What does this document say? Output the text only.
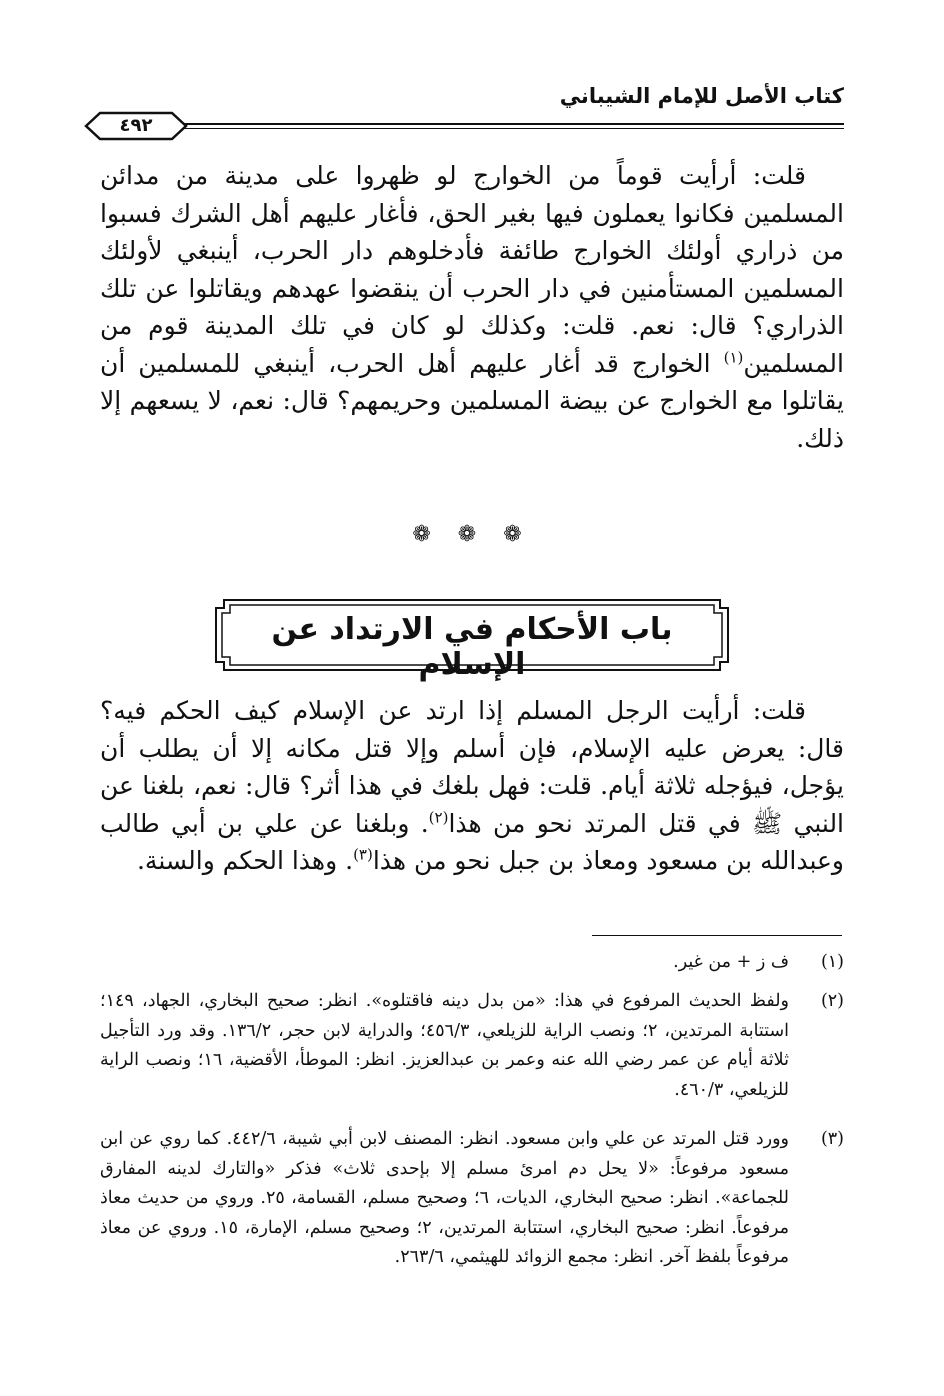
كتاب الأصل للإمام الشيباني
٤٩٢
قلت: أرأيت قوماً من الخوارج لو ظهروا على مدينة من مدائن المسلمين فكانوا يعملون فيها بغير الحق، فأغار عليهم أهل الشرك فسبوا من ذراري أولئك الخوارج طائفة فأدخلوهم دار الحرب، أينبغي لأولئك المسلمين المستأمنين في دار الحرب أن ينقضوا عهدهم ويقاتلوا عن تلك الذراري؟ قال: نعم. قلت: وكذلك لو كان في تلك المدينة قوم من المسلمين$^{(١)}$ الخوارج قد أغار عليهم أهل الحرب، أينبغي للمسلمين أن يقاتلوا مع الخوارج عن بيضة المسلمين وحريمهم؟ قال: نعم، لا يسعهم إلا ذلك.
❁ ❁ ❁
باب الأحكام في الارتداد عن الإسلام
قلت: أرأيت الرجل المسلم إذا ارتد عن الإسلام كيف الحكم فيه؟ قال: يعرض عليه الإسلام، فإن أسلم وإلا قتل مكانه إلا أن يطلب أن يؤجل، فيؤجله ثلاثة أيام. قلت: فهل بلغك في هذا أثر؟ قال: نعم، بلغنا عن النبي ﷺ في قتل المرتد نحو من هذا$^{(٢)}$. وبلغنا عن علي بن أبي طالب وعبدالله بن مسعود ومعاذ بن جبل نحو من هذا$^{(٣)}$. وهذا الحكم والسنة.
(١)
ف ز + من غير.
(٢)
ولفظ الحديث المرفوع في هذا: «من بدل دينه فاقتلوه». انظر: صحيح البخاري، الجهاد، ١٤٩؛ استتابة المرتدين، ٢؛ ونصب الراية للزيلعي، ٤٥٦/٣؛ والدراية لابن حجر، ١٣٦/٢. وقد ورد التأجيل ثلاثة أيام عن عمر رضي الله عنه وعمر بن عبدالعزيز. انظر: الموطأ، الأقضية، ١٦؛ ونصب الراية للزيلعي، ٤٦٠/٣.
(٣)
وورد قتل المرتد عن علي وابن مسعود. انظر: المصنف لابن أبي شيبة، ٤٤٢/٦. كما روي عن ابن مسعود مرفوعاً: «لا يحل دم امرئ مسلم إلا بإحدى ثلاث» فذكر «والتارك لدينه المفارق للجماعة». انظر: صحيح البخاري، الديات، ٦؛ وصحيح مسلم، القسامة، ٢٥. وروي من حديث معاذ مرفوعاً. انظر: صحيح البخاري، استتابة المرتدين، ٢؛ وصحيح مسلم، الإمارة، ١٥. وروي عن معاذ مرفوعاً بلفظ آخر. انظر: مجمع الزوائد للهيثمي، ٢٦٣/٦.
